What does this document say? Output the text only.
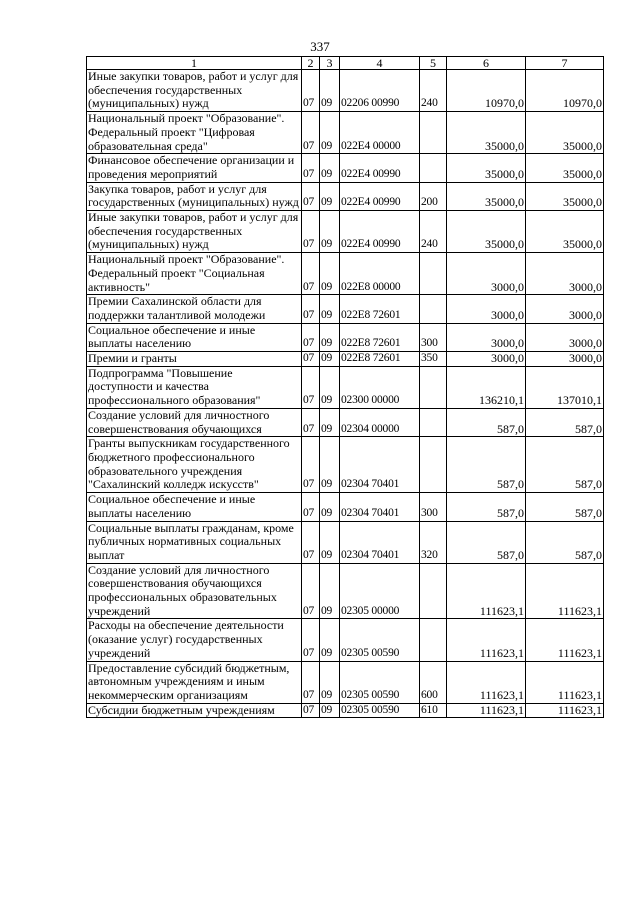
337
1	2	3	4	5	6	7
Иные закупки товаров, работ и услуг для обеспечения государственных (муниципальных) нужд	07	09	02206 00990	240	10970,0	10970,0
Национальный проект "Образование". Федеральный проект "Цифровая образовательная среда"	07	09	022E4 00000		35000,0	35000,0
Финансовое обеспечение организации и проведения мероприятий	07	09	022E4 00990		35000,0	35000,0
Закупка товаров, работ и услуг для государственных (муниципальных) нужд	07	09	022E4 00990	200	35000,0	35000,0
Иные закупки товаров, работ и услуг для обеспечения государственных (муниципальных) нужд	07	09	022E4 00990	240	35000,0	35000,0
Национальный проект "Образование". Федеральный проект "Социальная активность"	07	09	022E8 00000		3000,0	3000,0
Премии Сахалинской области для поддержки талантливой молодежи	07	09	022E8 72601		3000,0	3000,0
Социальное обеспечение и иные выплаты населению	07	09	022E8 72601	300	3000,0	3000,0
Премии и гранты	07	09	022E8 72601	350	3000,0	3000,0
Подпрограмма "Повышение доступности и качества профессионального образования"	07	09	02300 00000		136210,1	137010,1
Создание условий для личностного совершенствования обучающихся	07	09	02304 00000		587,0	587,0
Гранты выпускникам государственного бюджетного профессионального образовательного учреждения "Сахалинский колледж искусств"	07	09	02304 70401		587,0	587,0
Социальное обеспечение и иные выплаты населению	07	09	02304 70401	300	587,0	587,0
Социальные выплаты гражданам, кроме публичных нормативных социальных выплат	07	09	02304 70401	320	587,0	587,0
Создание условий для личностного совершенствования обучающихся профессиональных образовательных учреждений	07	09	02305 00000		111623,1	111623,1
Расходы на обеспечение деятельности (оказание услуг) государственных учреждений	07	09	02305 00590		111623,1	111623,1
Предоставление субсидий бюджетным, автономным учреждениям и иным некоммерческим организациям	07	09	02305 00590	600	111623,1	111623,1
Субсидии бюджетным учреждениям	07	09	02305 00590	610	111623,1	111623,1
